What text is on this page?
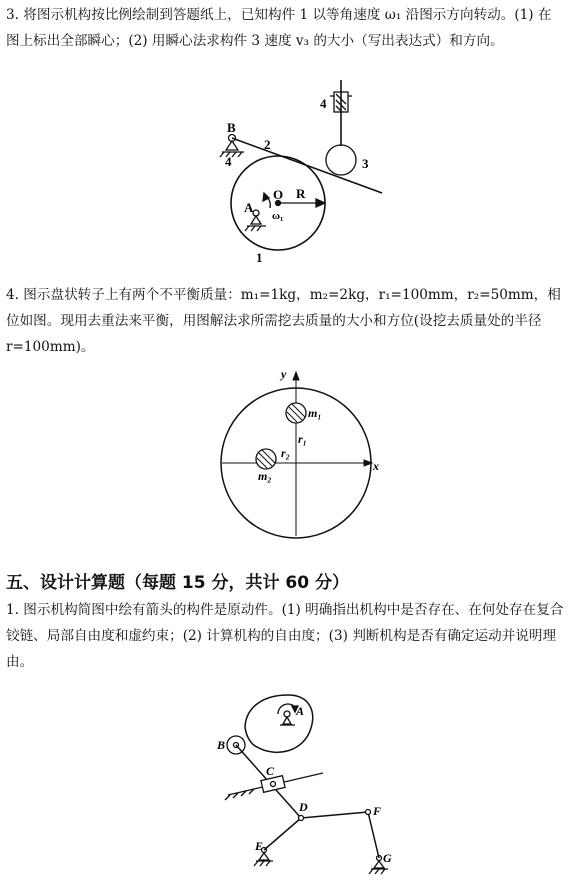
3. 将图示机构按比例绘制到答题纸上，已知构件 1 以等角速度 ω₁ 沿图示方向转动。(1) 在图上标出全部瞬心；(2) 用瞬心法求构件 3 速度 v₃ 的大小（写出表达式）和方向。

B
2
4
4	3
O R
A
ω₁
1

4. 图示盘状转子上有两个不平衡质量：m₁=1kg，m₂=2kg，r₁=100mm，r₂=50mm，相位如图。现用去重法来平衡，用图解法求所需挖去质量的大小和方位(设挖去质量处的半径 r=100mm)。

y
x
m₁
m₂
r₁
r₂

五、设计计算题（每题 15 分，共计 60 分）

1. 图示机构简图中绘有箭头的构件是原动件。(1) 明确指出机构中是否存在、在何处存在复合铰链、局部自由度和虚约束；(2) 计算机构的自由度；(3) 判断机构是否有确定运动并说明理由。

A
B
C
D
E
F
G
